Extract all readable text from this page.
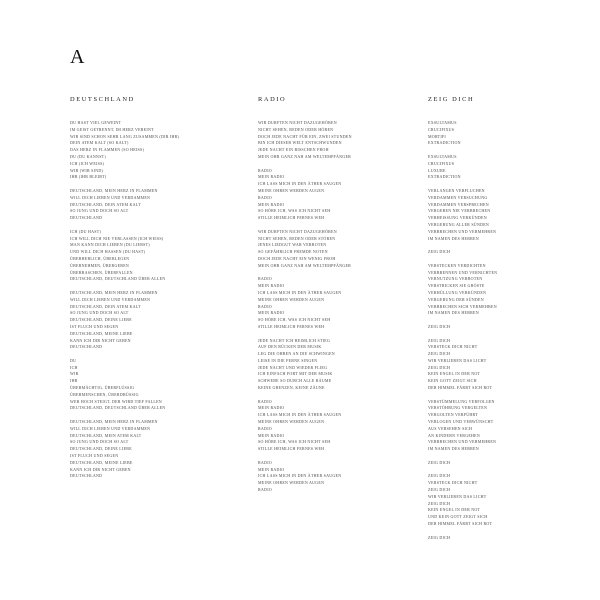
A
DEUTSCHLAND
DU HAST VIEL GEWEINT
IM GEIST GETRENNT, IM HERZ VEREINT
WIR SIND SCHON SEHR LANG ZUSAMMEN (DIR IHR)
DEIN ATEM KALT (SO KALT)
DAS HERZ IN FLAMMEN (SO HEISS)
DU (DU KANNST)
ICH (ICH WEISS)
WIR (WIR SIND)
IHR (IHR BLEIBT)
DEUTSCHLAND, MEIN HERZ IN FLAMMEN
WILL DICH LIEBEN UND VERDAMMEN
DEUTSCHLAND, DEIN ATEM KALT
SO JUNG UND DOCH SO ALT
DEUTSCHLAND
ICH (DU HAST)
ICH WILL DICH NIE VERLASSEN (ICH WEISS)
MAN KANN DICH LIEBEN (DU LIEBST)
UND WILL DICH HASSEN (DU HAST)
ÜBERHEBLICH, ÜBERLEGEN
ÜBERNEHMEN, ÜBERGEBEN
ÜBERRASCHEN, ÜBERFALLEN
DEUTSCHLAND, DEUTSCHLAND ÜBER ALLEN
DEUTSCHLAND, MEIN HERZ IN FLAMMEN
WILL DICH LIEBEN UND VERDAMMEN
DEUTSCHLAND, DEIN ATEM KALT
SO JUNG UND DOCH SO ALT
DEUTSCHLAND, DEINE LIEBE
IST FLUCH UND SEGEN
DEUTSCHLAND, MEINE LIEBE
KANN ICH DIR NICHT GEBEN
DEUTSCHLAND
DU
ICH
WIR
IHR
ÜBERMÄCHTIG, ÜBERFLÜSSIG
ÜBERMENSCHEN, ÜBERDRÜSSIG
WER HOCH STEIGT, DER WIRD TIEF FALLEN
DEUTSCHLAND, DEUTSCHLAND ÜBER ALLEN
DEUTSCHLAND, MEIN HERZ IN FLAMMEN
WILL DICH LIEBEN UND VERDAMMEN
DEUTSCHLAND, MEIN ATEM KALT
SO JUNG UND DOCH SO ALT
DEUTSCHLAND, DEINE LIEBE
IST FLUCH UND SEGEN
DEUTSCHLAND, MEINE LIEBE
KANN ICH DIR NICHT GEBEN
DEUTSCHLAND
RADIO
WIR DURFTEN NICHT DAZUGEHÖREN
NICHT SEHEN, REDEN ODER HÖREN
DOCH JEDE NACHT FÜR EIN, ZWEI STUNDEN
BIN ICH DIESER WELT ENTSCHWUNDEN
JEDE NACHT EIN BISSCHEN FROH
MEIN OHR GANZ NAH AM WELTEMPFÄNGER
RADIO
MEIN RADIO
ICH LASS MICH IN DEN ÄTHER SAUGEN
MEINE OHREN WERDEN AUGEN
RADIO
MEIN RADIO
SO HÖRE ICH, WAS ICH NICHT SEH
STILLE HEIMLICH FERNES WEH
WIR DURFTEN NICHT DAZUGEHÖREN
NICHT SEHEN, REDEN ODER STÖREN
JENES LIEDGUT WAR VERBOTEN
SO GEFÄHRLICH FREMDE NOTEN
DOCH JEDE NACHT EIN WENIG FROH
MEIN OHR GANZ NAH AM WELTEMPFÄNGER
RADIO
MEIN RADIO
ICH LASS MICH IN DEN ÄTHER SAUGEN
MEINE OHREN WERDEN AUGEN
RADIO
MEIN RADIO
SO HÖRE ICH, WAS ICH NICHT SEH
STILLE HEIMLICH FERNES WEH
JEDE NACHT ICH HEIMLICH STIEG
AUF DEN RÜCKEN DER MUSIK
LEG DIE OHREN AN DIE SCHWINGEN
LEISE IN DIE FERNE SINGEN
JEDE NACHT UND WIEDER FLIEG
ICH EINFACH FORT MIT DER MUSIK
SCHWEBE SO DURCH ALLE RÄUME
KEINE GRENZEN, KEINE ZÄUNE
RADIO
MEIN RADIO
ICH LASS MICH IN DEN ÄTHER SAUGEN
MEINE OHREN WERDEN AUGEN
RADIO
MEIN RADIO
SO HÖRE ICH, WAS ICH NICHT SEH
STILLE HEIMLICH FERNES WEH
RADIO
MEIN RADIO
ICH LASS MICH IN DEN ÄTHER SAUGEN
MEINE OHREN WERDEN AUGEN
RADIO
ZEIG DICH
EXSULTAMUS
CRUCIFIXUS
MORTIFI
EXTRADICTION
EXSULTAMUS
CRUCIFIXUS
LUXURE
EXTRADICTION
VERLANGEN VERFLUCHEN
VERDAMMEN VERSUCHUNG
VERDAMMEN VERSPRECHEN
VERGEBEN NIE VERBRECHEN
VERHEISSUNG VERKÜNDEN
VERGEBUNG ALLER SÜNDEN
VERBRECHEN UND VERMEHREN
IM NAMEN DES HERREN
ZEIG DICH
VERSTECKEN VERDICHTEN
VERBRENNEN UND VERNICHTEN
VERNUTZUNG VERBOTEN
VERSTRICKEN SIE GRÖSTE
VERHÜLLUNG VERKÜNDEN
VERGEBUNG DER SÜNDEN
VERBRECHEN SICH VERMEHREN
IM NAMEN DES HERREN
ZEIG DICH
ZEIG DICH
VERSTECK DICH NICHT
ZEIG DICH
WIR VERLIEREN DAS LICHT
ZEIG DICH
KEIN ENGEL IN DER NOT
KEIN GOTT ZEIGT SICH
DER HIMMEL FÄRBT SICH ROT
VERSTÜMMELUNG VERFOLGEN
VERSTÖHRUNG VERGELTEN
VERGOLTEN VERFÜHRT
VERLOGEN UND VERWÜNSCHT
AUS VERSEHEN SICH
AN KINDERN VERGEHEN
VERBRECHEN UND VERMEHREN
IM NAMEN DES HERREN
ZEIG DICH
ZEIG DICH
VERSTECK DICH NICHT
ZEIG DICH
WIR VERLIEREN DAS LICHT
ZEIG DICH
KEIN ENGEL IN DER NOT
UND KEIN GOTT ZEIGT SICH
DER HIMMEL FÄRBT SICH ROT
ZEIG DICH
